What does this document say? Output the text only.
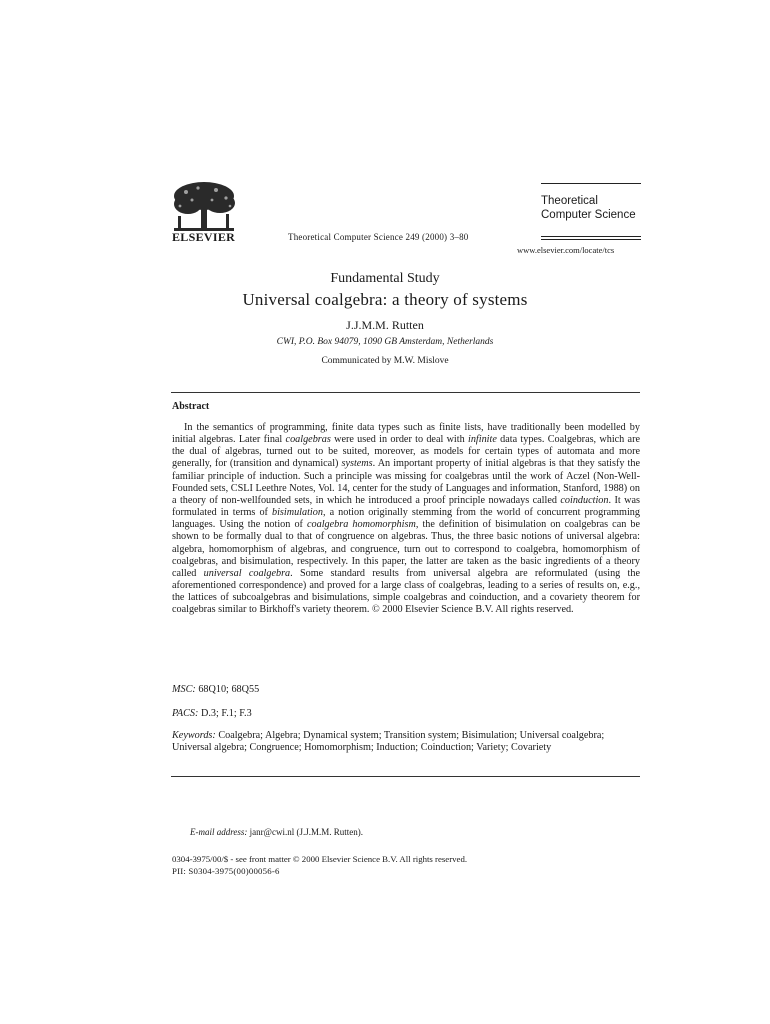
ELSEVIER	Theoretical Computer Science 249 (2000) 3–80
Theoretical
Computer Science
www.elsevier.com/locate/tcs
Fundamental Study
Universal coalgebra: a theory of systems
J.J.M.M. Rutten
CWI, P.O. Box 94079, 1090 GB Amsterdam, Netherlands
Communicated by M.W. Mislove
Abstract
In the semantics of programming, finite data types such as finite lists, have traditionally been modelled by initial algebras. Later final coalgebras were used in order to deal with infinite data types. Coalgebras, which are the dual of algebras, turned out to be suited, moreover, as models for certain types of automata and more generally, for (transition and dynamical) systems. An important property of initial algebras is that they satisfy the familiar principle of induction. Such a principle was missing for coalgebras until the work of Aczel (Non-Well-Founded sets, CSLI Leethre Notes, Vol. 14, center for the study of Languages and information, Stanford, 1988) on a theory of non-wellfounded sets, in which he introduced a proof principle nowadays called coinduction. It was formulated in terms of bisimulation, a notion originally stemming from the world of concurrent programming languages. Using the notion of coalgebra homomorphism, the definition of bisimulation on coalgebras can be shown to be formally dual to that of congruence on algebras. Thus, the three basic notions of universal algebra: algebra, homomorphism of algebras, and congruence, turn out to correspond to coalgebra, homomorphism of coalgebras, and bisimulation, respectively. In this paper, the latter are taken as the basic ingredients of a theory called universal coalgebra. Some standard results from universal algebra are reformulated (using the aforementioned correspondence) and proved for a large class of coalgebras, leading to a series of results on, e.g., the lattices of subcoalgebras and bisimulations, simple coalgebras and coinduction, and a covariety theorem for coalgebras similar to Birkhoff's variety theorem. © 2000 Elsevier Science B.V. All rights reserved.
MSC: 68Q10; 68Q55
PACS: D.3; F.1; F.3
Keywords: Coalgebra; Algebra; Dynamical system; Transition system; Bisimulation; Universal coalgebra; Universal algebra; Congruence; Homomorphism; Induction; Coinduction; Variety; Covariety
E-mail address: janr@cwi.nl (J.J.M.M. Rutten).
0304-3975/00/$ - see front matter © 2000 Elsevier Science B.V. All rights reserved.
PII: S0304-3975(00)00056-6
